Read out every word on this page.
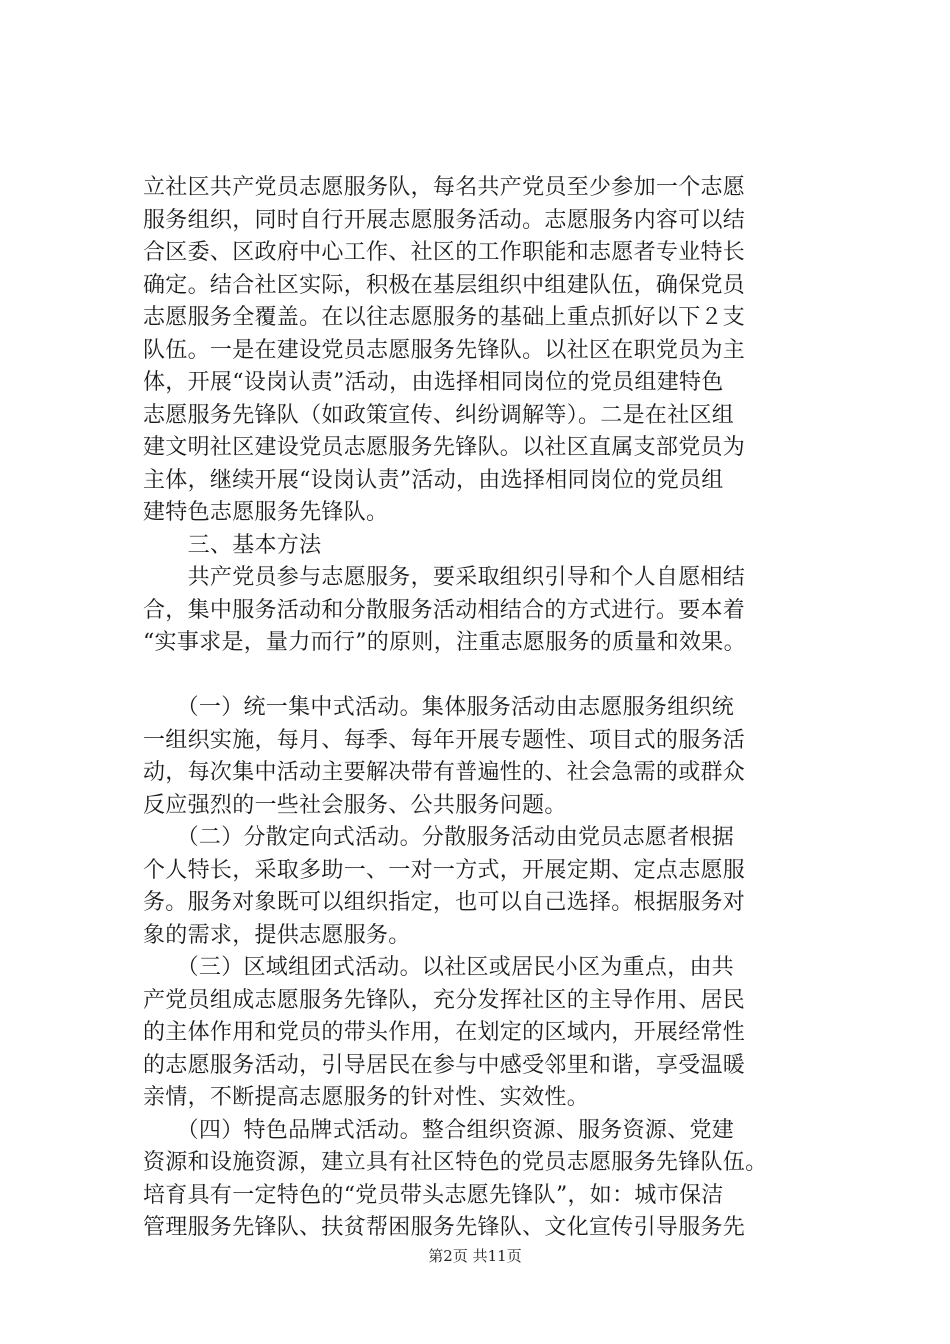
立社区共产党员志愿服务队，每名共产党员至少参加一个志愿
服务组织，同时自行开展志愿服务活动。志愿服务内容可以结
合区委、区政府中心工作、社区的工作职能和志愿者专业特长
确定。结合社区实际，积极在基层组织中组建队伍，确保党员
志愿服务全覆盖。在以往志愿服务的基础上重点抓好以下２支
队伍。一是在建设党员志愿服务先锋队。以社区在职党员为主
体，开展“设岗认责”活动，由选择相同岗位的党员组建特色
志愿服务先锋队（如政策宣传、纠纷调解等）。二是在社区组
建文明社区建设党员志愿服务先锋队。以社区直属支部党员为
主体，继续开展“设岗认责”活动，由选择相同岗位的党员组
建特色志愿服务先锋队。
　　三、基本方法
　　共产党员参与志愿服务，要采取组织引导和个人自愿相结
合，集中服务活动和分散服务活动相结合的方式进行。要本着
“实事求是，量力而行”的原则，注重志愿服务的质量和效果。
　　（一）统一集中式活动。集体服务活动由志愿服务组织统
一组织实施，每月、每季、每年开展专题性、项目式的服务活
动，每次集中活动主要解决带有普遍性的、社会急需的或群众
反应强烈的一些社会服务、公共服务问题。
　　（二）分散定向式活动。分散服务活动由党员志愿者根据
个人特长，采取多助一、一对一方式，开展定期、定点志愿服
务。服务对象既可以组织指定，也可以自己选择。根据服务对
象的需求，提供志愿服务。
　　（三）区域组团式活动。以社区或居民小区为重点，由共
产党员组成志愿服务先锋队，充分发挥社区的主导作用、居民
的主体作用和党员的带头作用，在划定的区域内，开展经常性
的志愿服务活动，引导居民在参与中感受邻里和谐，享受温暖
亲情，不断提高志愿服务的针对性、实效性。
　　（四）特色品牌式活动。整合组织资源、服务资源、党建
资源和设施资源，建立具有社区特色的党员志愿服务先锋队伍。
培育具有一定特色的“党员带头志愿先锋队”，如：城市保洁
管理服务先锋队、扶贫帮困服务先锋队、文化宣传引导服务先
第2页 共11页
